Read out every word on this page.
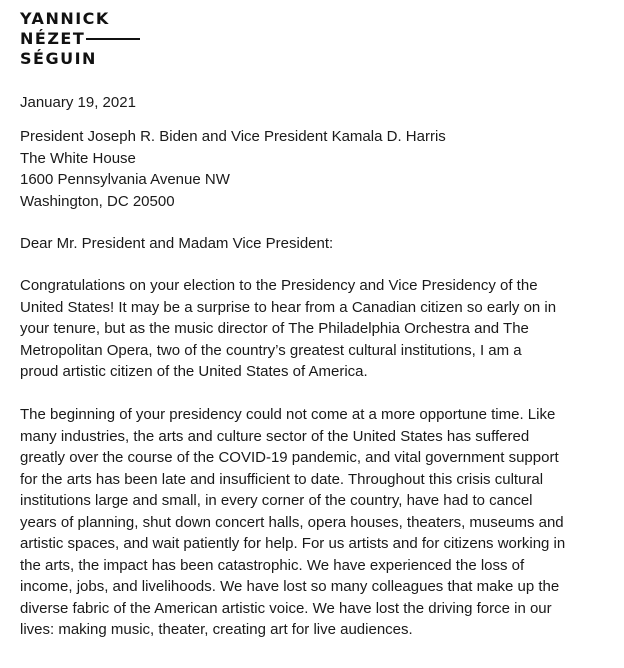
YANNICK
NÉZET
SÉGUIN
January 19, 2021
President Joseph R. Biden and Vice President Kamala D. Harris
The White House
1600 Pennsylvania Avenue NW
Washington, DC 20500
Dear Mr. President and Madam Vice President:
Congratulations on your election to the Presidency and Vice Presidency of the
United States! It may be a surprise to hear from a Canadian citizen so early on in
your tenure, but as the music director of The Philadelphia Orchestra and The
Metropolitan Opera, two of the country’s greatest cultural institutions, I am a
proud artistic citizen of the United States of America.
The beginning of your presidency could not come at a more opportune time. Like
many industries, the arts and culture sector of the United States has suffered
greatly over the course of the COVID-19 pandemic, and vital government support
for the arts has been late and insufficient to date. Throughout this crisis cultural
institutions large and small, in every corner of the country, have had to cancel
years of planning, shut down concert halls, opera houses, theaters, museums and
artistic spaces, and wait patiently for help. For us artists and for citizens working in
the arts, the impact has been catastrophic. We have experienced the loss of
income, jobs, and livelihoods. We have lost so many colleagues that make up the
diverse fabric of the American artistic voice. We have lost the driving force in our
lives: making music, theater, creating art for live audiences.
